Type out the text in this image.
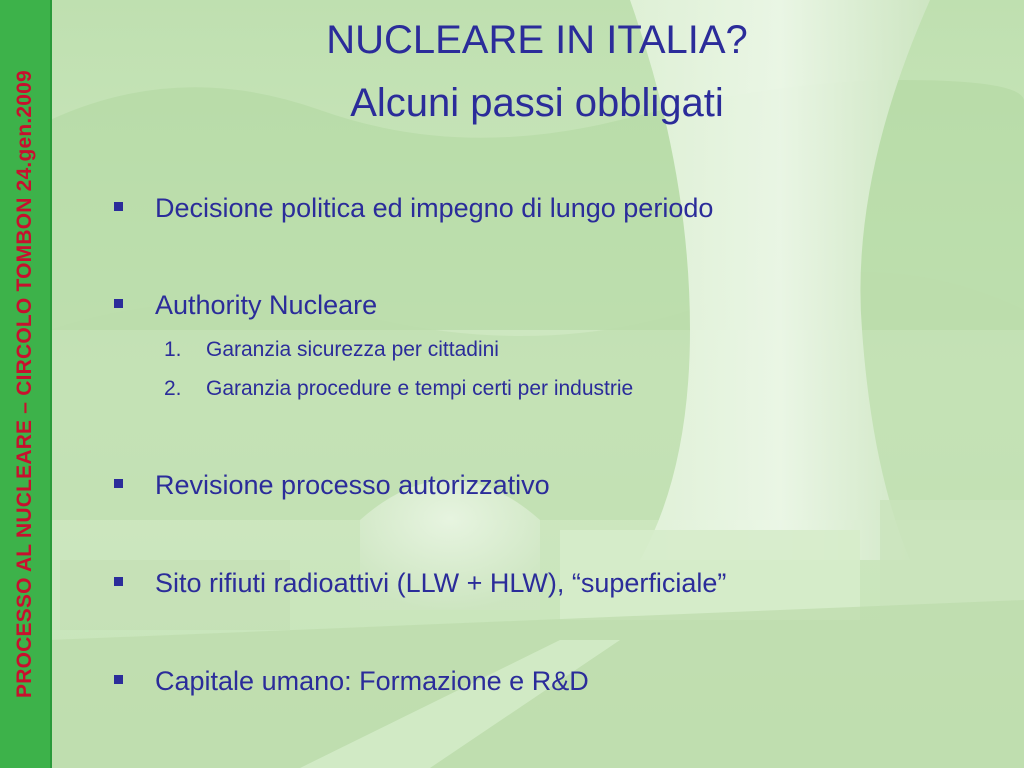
PROCESSO AL NUCLEARE – CIRCOLO TOMBON 24.gen.2009
NUCLEARE IN ITALIA?
Alcuni passi obbligati
Decisione politica ed impegno di lungo periodo
Authority Nucleare
1. Garanzia sicurezza per cittadini
2. Garanzia procedure e tempi certi per industrie
Revisione processo autorizzativo
Sito rifiuti radioattivi (LLW + HLW), “superficiale”
Capitale umano: Formazione e R&D
